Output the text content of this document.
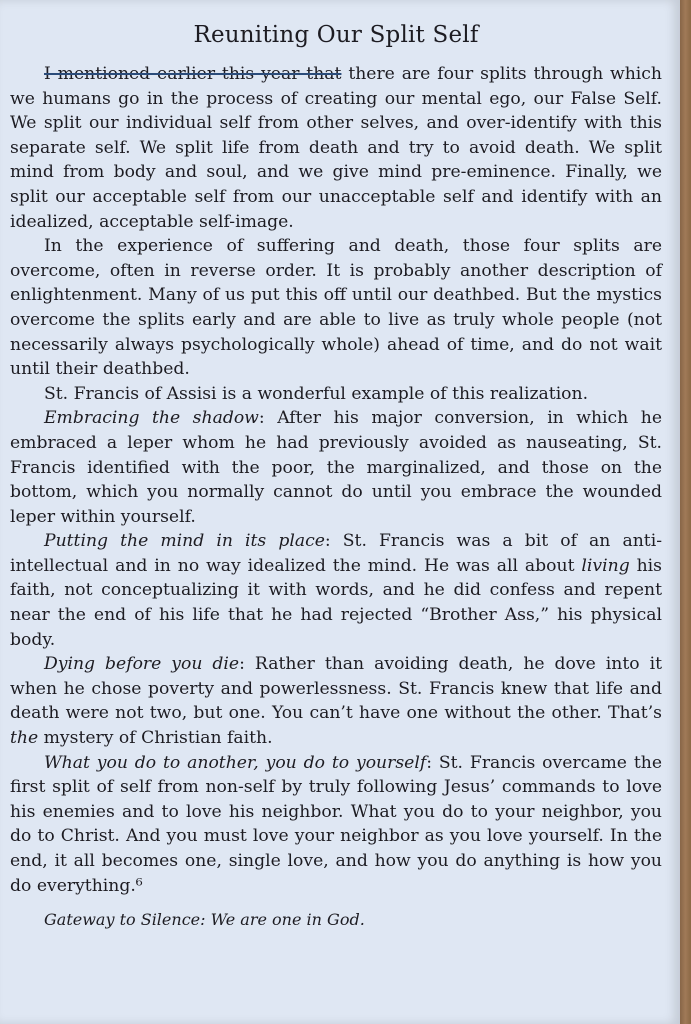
Reuniting Our Split Self

I mentioned earlier this year that there are four splits through which we humans go in the process of creating our mental ego, our False Self. We split our individual self from other selves, and over-identify with this separate self. We split life from death and try to avoid death. We split mind from body and soul, and we give mind pre-eminence. Finally, we split our acceptable self from our unacceptable self and identify with an idealized, acceptable self-image.

In the experience of suffering and death, those four splits are overcome, often in reverse order. It is probably another description of enlightenment. Many of us put this off until our deathbed. But the mystics overcome the splits early and are able to live as truly whole people (not necessarily always psychologically whole) ahead of time, and do not wait until their deathbed.

St. Francis of Assisi is a wonderful example of this realization.

Embracing the shadow: After his major conversion, in which he embraced a leper whom he had previously avoided as nauseating, St. Francis identified with the poor, the marginalized, and those on the bottom, which you normally cannot do until you embrace the wounded leper within yourself.

Putting the mind in its place: St. Francis was a bit of an anti-intellectual and in no way idealized the mind. He was all about living his faith, not conceptualizing it with words, and he did confess and repent near the end of his life that he had rejected “Brother Ass,” his physical body.

Dying before you die: Rather than avoiding death, he dove into it when he chose poverty and powerlessness. St. Francis knew that life and death were not two, but one. You can’t have one without the other. That’s the mystery of Christian faith.

What you do to another, you do to yourself: St. Francis overcame the first split of self from non-self by truly following Jesus’ commands to love his enemies and to love his neighbor. What you do to your neighbor, you do to Christ. And you must love your neighbor as you love yourself. In the end, it all becomes one, single love, and how you do anything is how you do everything.⁶

Gateway to Silence: We are one in God.
